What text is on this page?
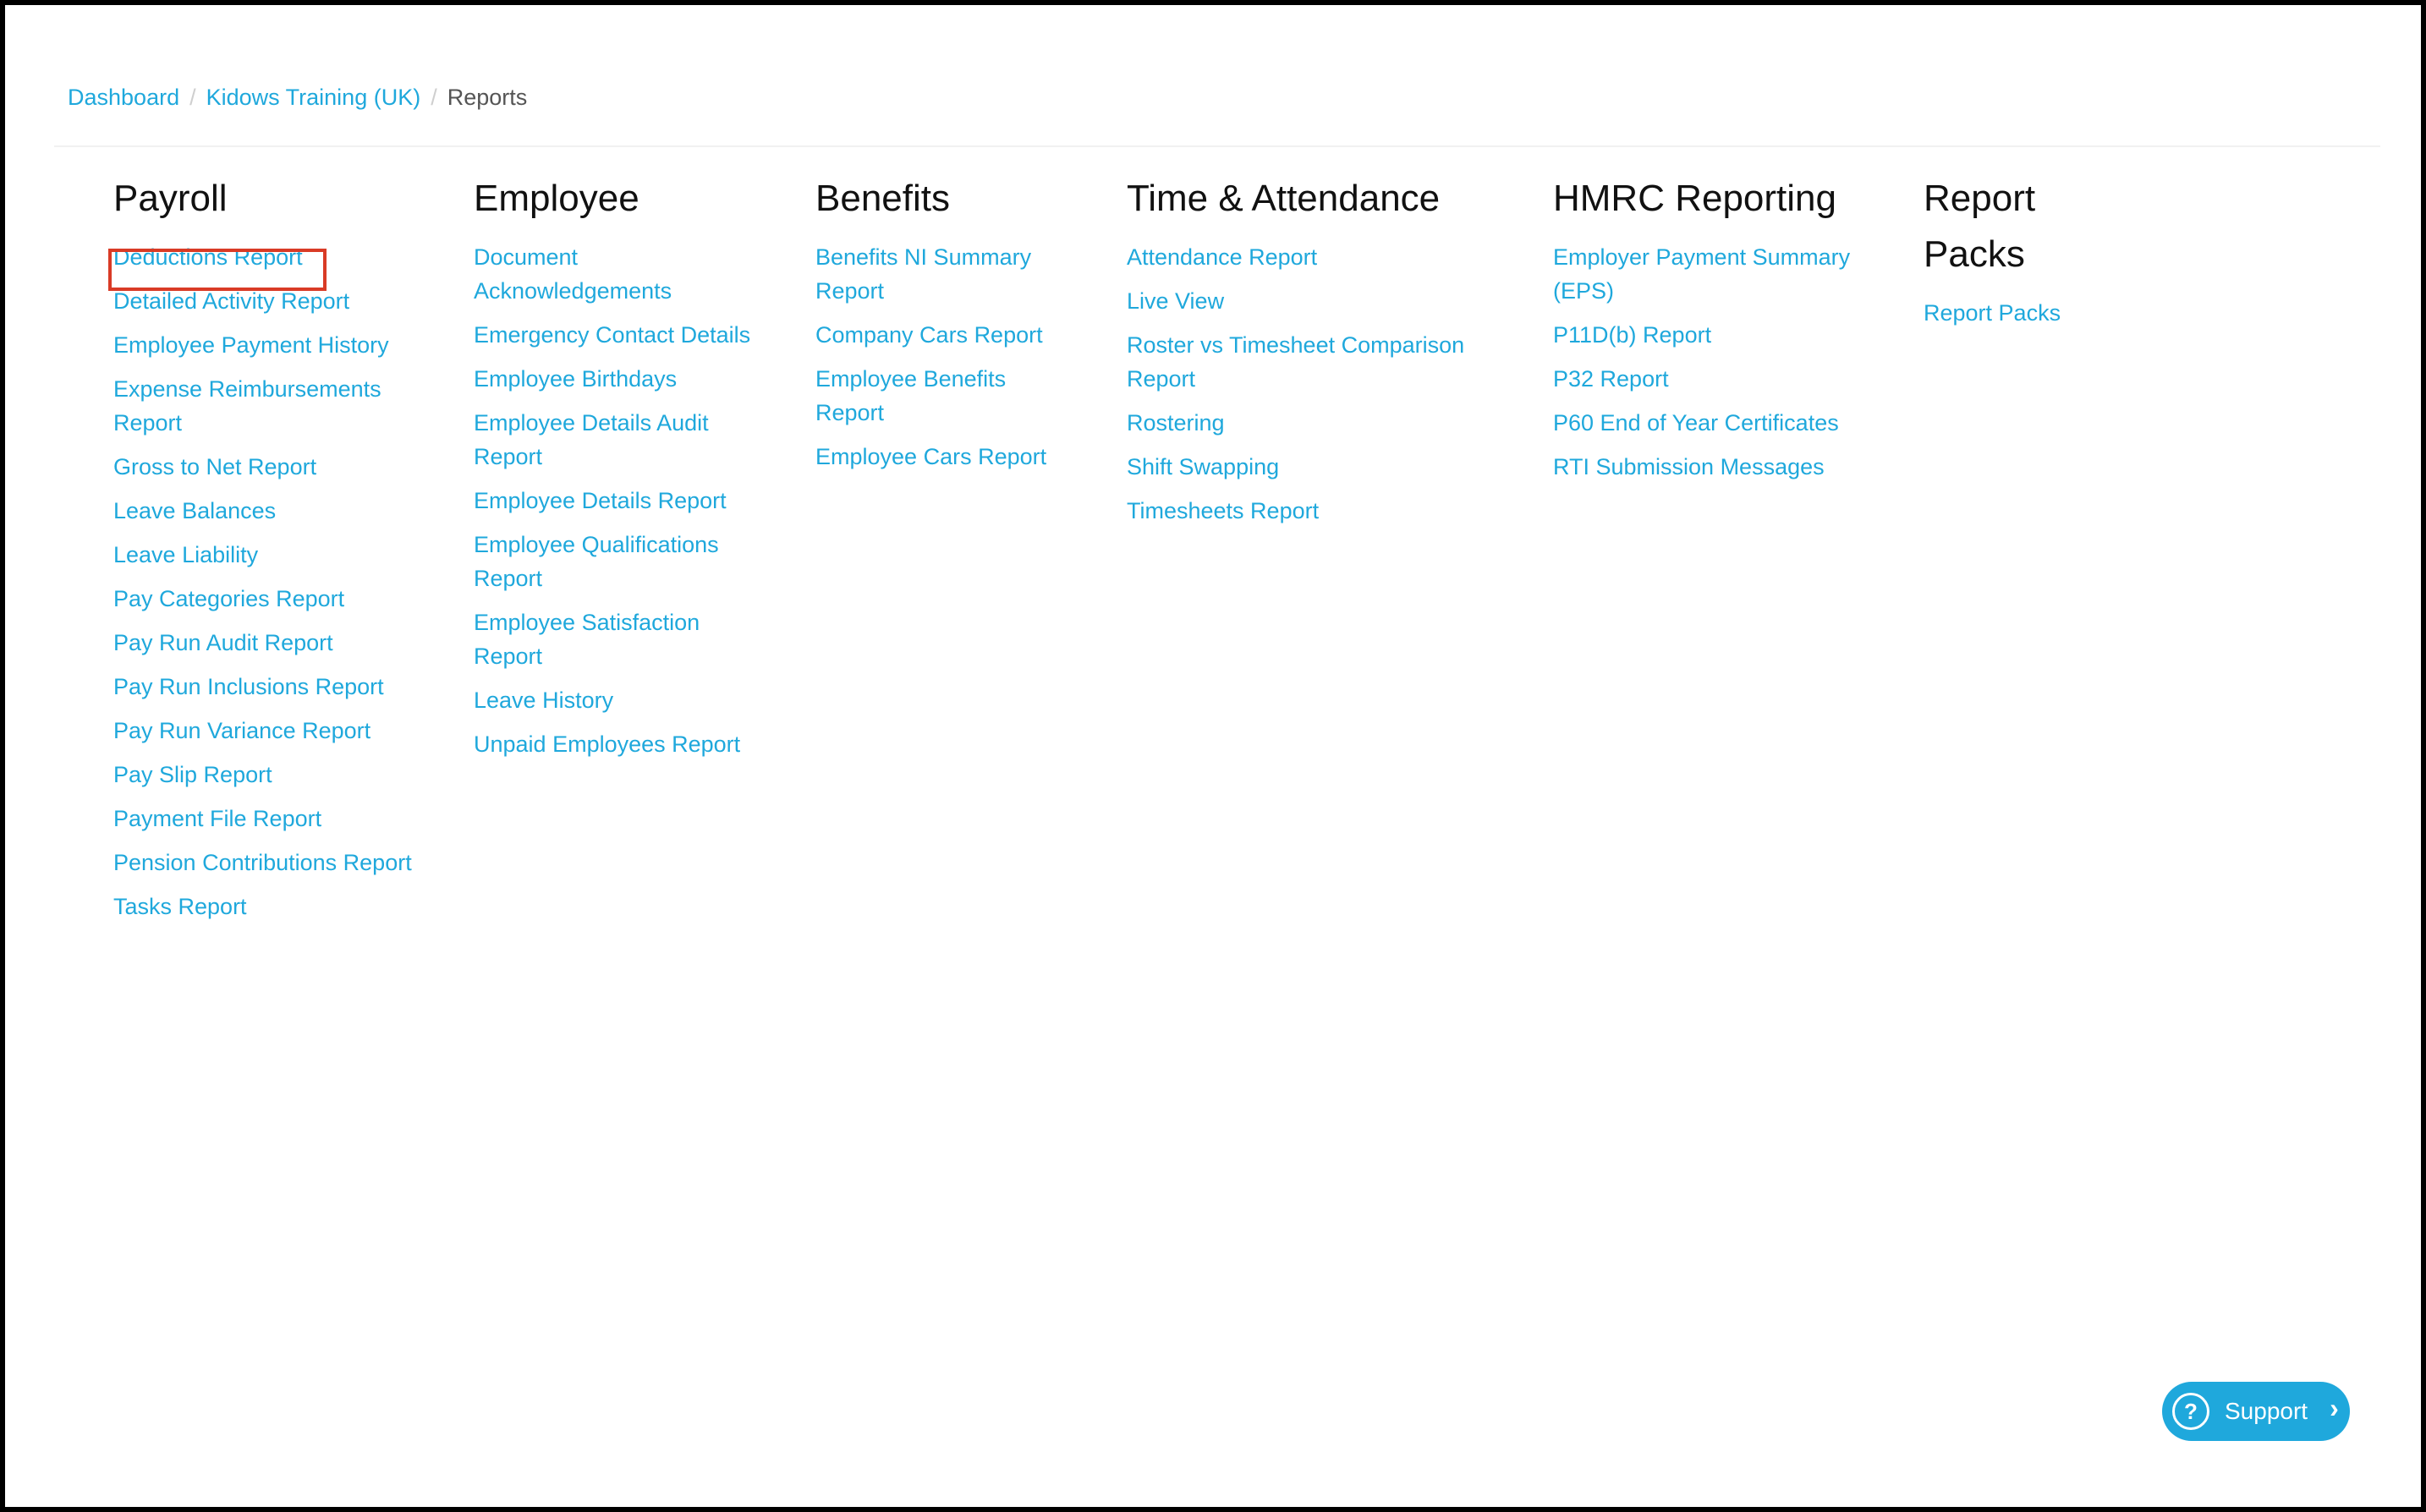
Dashboard / Kidows Training (UK) / Reports
Payroll
Deductions Report
Detailed Activity Report
Employee Payment History
Expense Reimbursements Report
Gross to Net Report
Leave Balances
Leave Liability
Pay Categories Report
Pay Run Audit Report
Pay Run Inclusions Report
Pay Run Variance Report
Pay Slip Report
Payment File Report
Pension Contributions Report
Tasks Report
Employee
Document Acknowledgements
Emergency Contact Details
Employee Birthdays
Employee Details Audit Report
Employee Details Report
Employee Qualifications Report
Employee Satisfaction Report
Leave History
Unpaid Employees Report
Benefits
Benefits NI Summary Report
Company Cars Report
Employee Benefits Report
Employee Cars Report
Time & Attendance
Attendance Report
Live View
Roster vs Timesheet Comparison Report
Rostering
Shift Swapping
Timesheets Report
HMRC Reporting
Employer Payment Summary (EPS)
P11D(b) Report
P32 Report
P60 End of Year Certificates
RTI Submission Messages
Report Packs
Report Packs
?	Support ›
